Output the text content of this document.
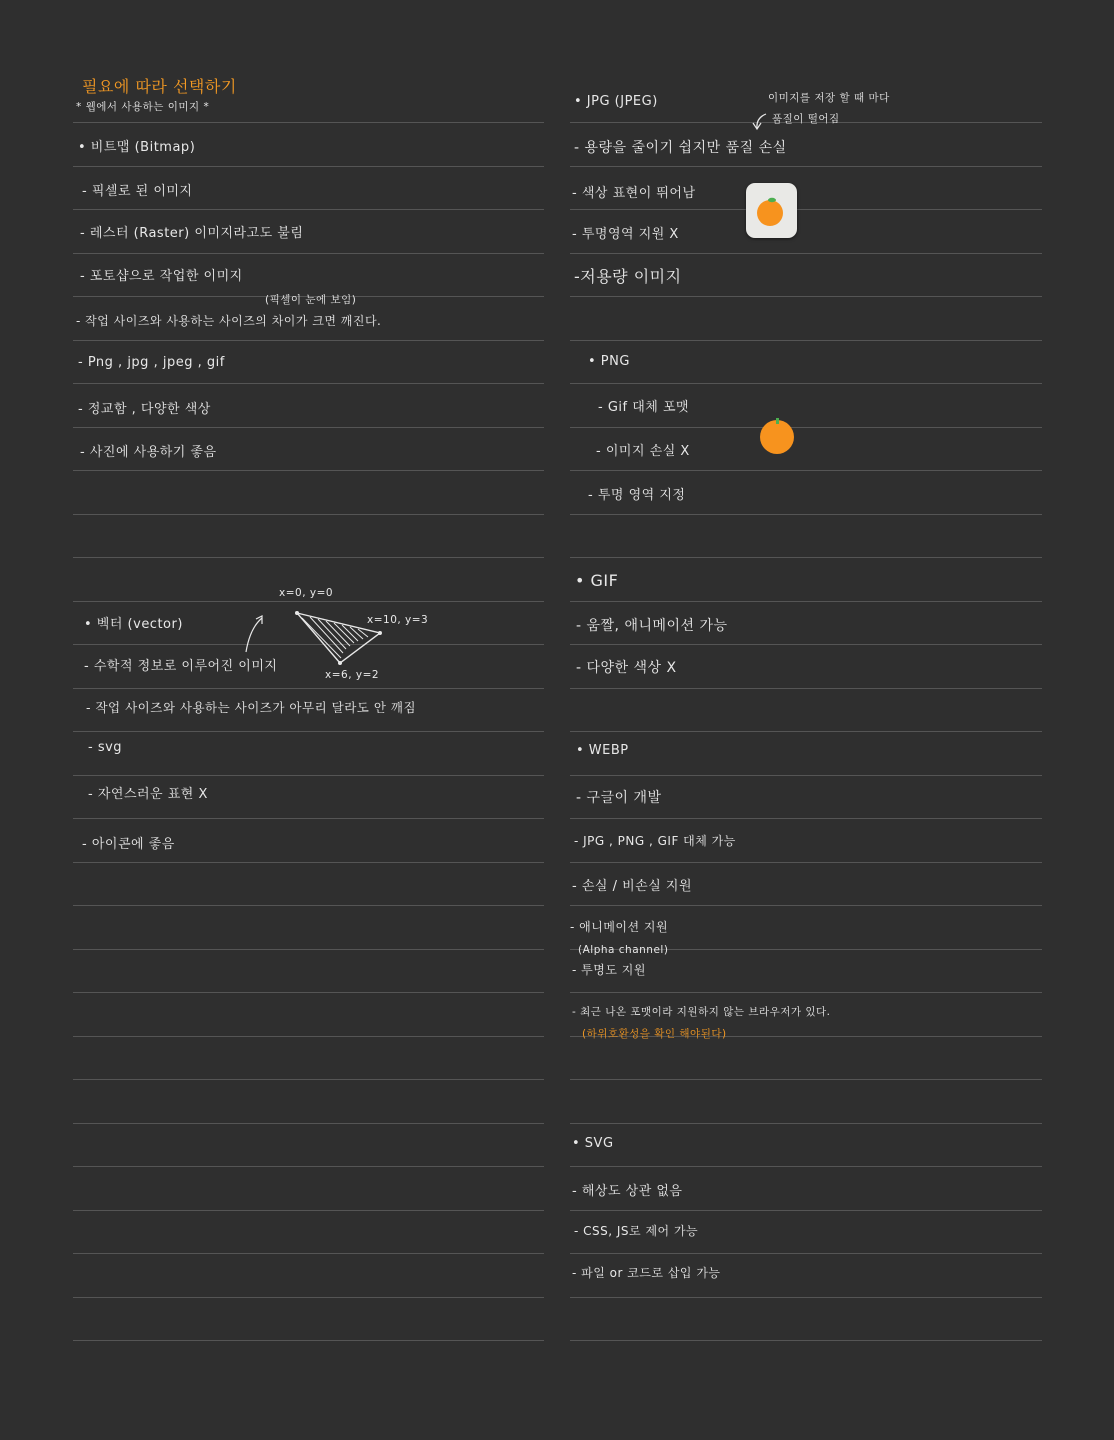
필요에 따라 선택하기
* 웹에서 사용하는 이미지 *
• 비트맵 (Bitmap)
- 픽셀로 된 이미지
- 레스터 (Raster) 이미지라고도 불림
- 포토샵으로 작업한 이미지
(픽셀이 눈에 보임)
- 작업 사이즈와 사용하는 사이즈의 차이가 크면 깨진다.
- Png , jpg , jpeg , gif
- 정교함 , 다양한 색상
- 사진에 사용하기 좋음
x=0, y=0
x=10, y=3
x=6, y=2
• 벡터 (vector)
- 수학적 정보로 이루어진 이미지
- 작업 사이즈와 사용하는 사이즈가 아무리 달라도 안 깨짐
- svg
- 자연스러운 표현 X
- 아이콘에 좋음
• JPG (JPEG)	이미지를 저장 할 때 마다
품질이 떨어짐
- 용량을 줄이기 쉽지만 품질 손실
- 색상 표현이 뛰어남
- 투명영역 지원 X
-저용량 이미지
• PNG
- Gif 대체 포맷
- 이미지 손실 X
- 투명 영역 지정
• GIF
- 움짤, 애니메이션 가능
- 다양한 색상 X
• WEBP
- 구글이 개발
- JPG , PNG , GIF 대체 가능
- 손실 / 비손실 지원
- 애니메이션 지원
(Alpha channel)
- 투명도 지원
- 최근 나온 포맷이라 지원하지 않는 브라우저가 있다.
(하위호환성을 확인 해야된다)
• SVG
- 해상도 상관 없음
- CSS, JS로 제어 가능
- 파일 or 코드로 삽입 가능
